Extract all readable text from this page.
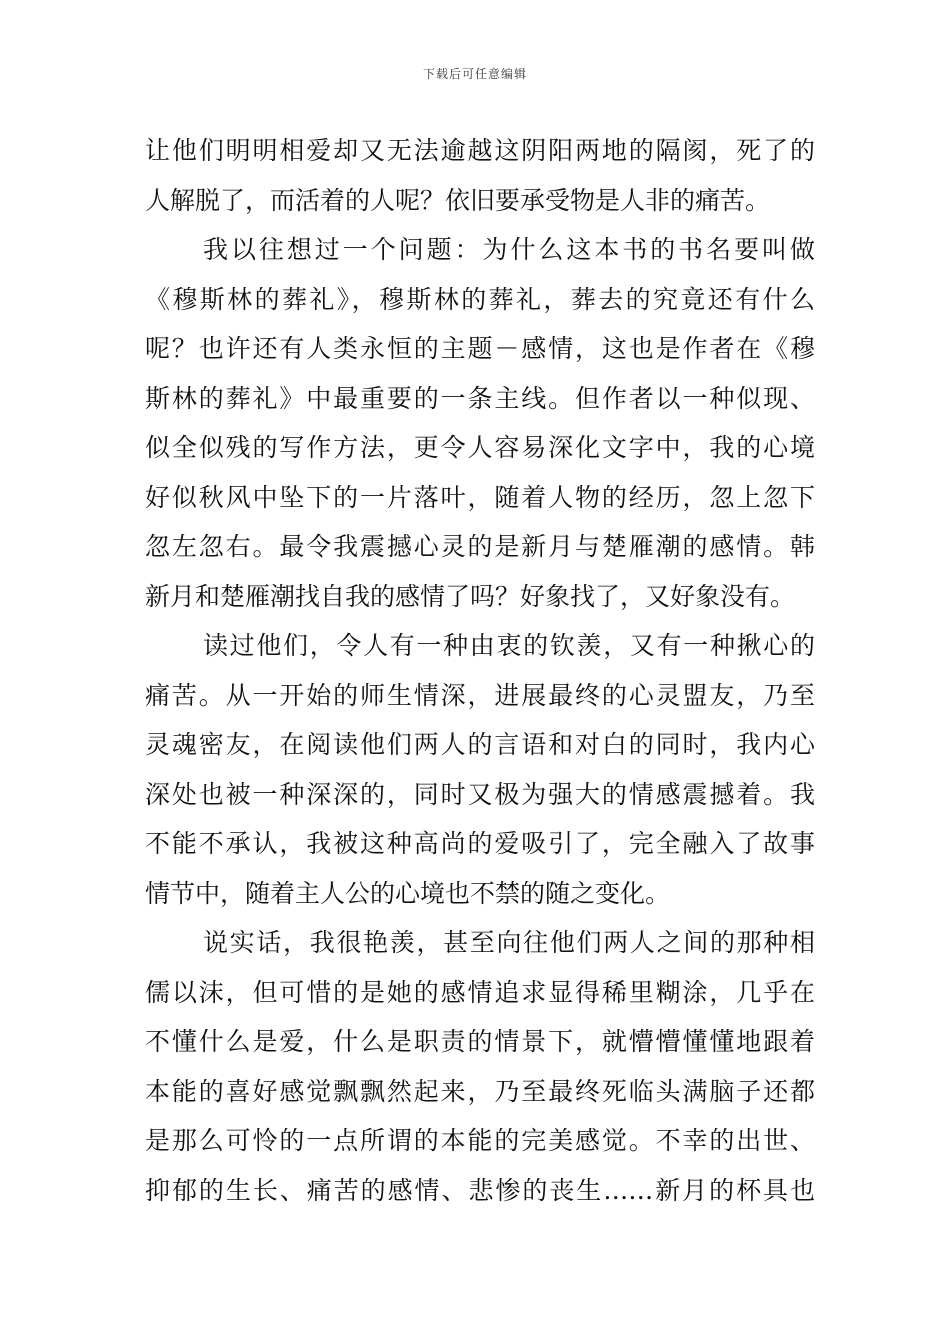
下载后可任意编辑
让他们明明相爱却又无法逾越这阴阳两地的隔阂，死了的
人解脱了，而活着的人呢？依旧要承受物是人非的痛苦。
我以往想过一个问题：为什么这本书的书名要叫做
《穆斯林的葬礼》，穆斯林的葬礼，葬去的究竟还有什么
呢？也许还有人类永恒的主题－感情，这也是作者在《穆
斯林的葬礼》中最重要的一条主线。但作者以一种似现、
似全似残的写作方法，更令人容易深化文字中，我的心境
好似秋风中坠下的一片落叶，随着人物的经历，忽上忽下
忽左忽右。最令我震撼心灵的是新月与楚雁潮的感情。韩
新月和楚雁潮找自我的感情了吗？好象找了，又好象没有。
读过他们，令人有一种由衷的钦羡，又有一种揪心的
痛苦。从一开始的师生情深，进展最终的心灵盟友，乃至
灵魂密友，在阅读他们两人的言语和对白的同时，我内心
深处也被一种深深的，同时又极为强大的情感震撼着。我
不能不承认，我被这种高尚的爱吸引了，完全融入了故事
情节中，随着主人公的心境也不禁的随之变化。
说实话，我很艳羡，甚至向往他们两人之间的那种相
儒以沫，但可惜的是她的感情追求显得稀里糊涂，几乎在
不懂什么是爱，什么是职责的情景下，就懵懵懂懂地跟着
本能的喜好感觉飘飘然起来，乃至最终死临头满脑子还都
是那么可怜的一点所谓的本能的完美感觉。不幸的出世、
抑郁的生长、痛苦的感情、悲惨的丧生……新月的杯具也
